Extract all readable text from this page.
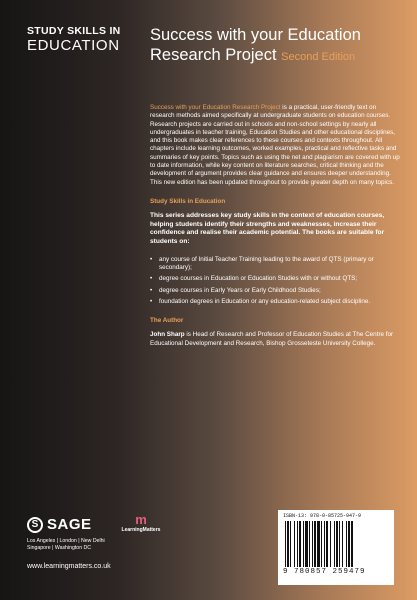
STUDY SKILLS IN
EDUCATION
Success with your Education Research Project Second Edition

Success with your Education Research Project is a practical, user-friendly text on research methods aimed specifically at undergraduate students on education courses. Research projects are carried out in schools and non-school settings by nearly all undergraduates in teacher training, Education Studies and other educational disciplines, and this book makes clear references to these courses and contexts throughout. All chapters include learning outcomes, worked examples, practical and reflective tasks and summaries of key points. Topics such as using the net and plagiarism are covered with up to date information, while key content on literature searches, critical thinking and the development of argument provides clear guidance and ensures deeper understanding. This new edition has been updated throughout to provide greater depth on many topics.

Study Skills in Education

This series addresses key study skills in the context of education courses, helping students identify their strengths and weaknesses, increase their confidence and realise their academic potential. The books are suitable for students on:

• any course of Initial Teacher Training leading to the award of QTS (primary or secondary);
• degree courses in Education or Education Studies with or without QTS;
• degree courses in Early Years or Early Childhood Studies;
• foundation degrees in Education or any education-related subject discipline.
The Author

John Sharp is Head of Research and Professor of Education Studies at The Centre for Educational Development and Research, Bishop Grosseteste University College.

S SAGE
Los Angeles | London | New Delhi
Singapore | Washington DC
m
LearningMatters
www.learningmatters.co.uk
ISBN-13: 978-0-85725-947-9
9 780857 259479
